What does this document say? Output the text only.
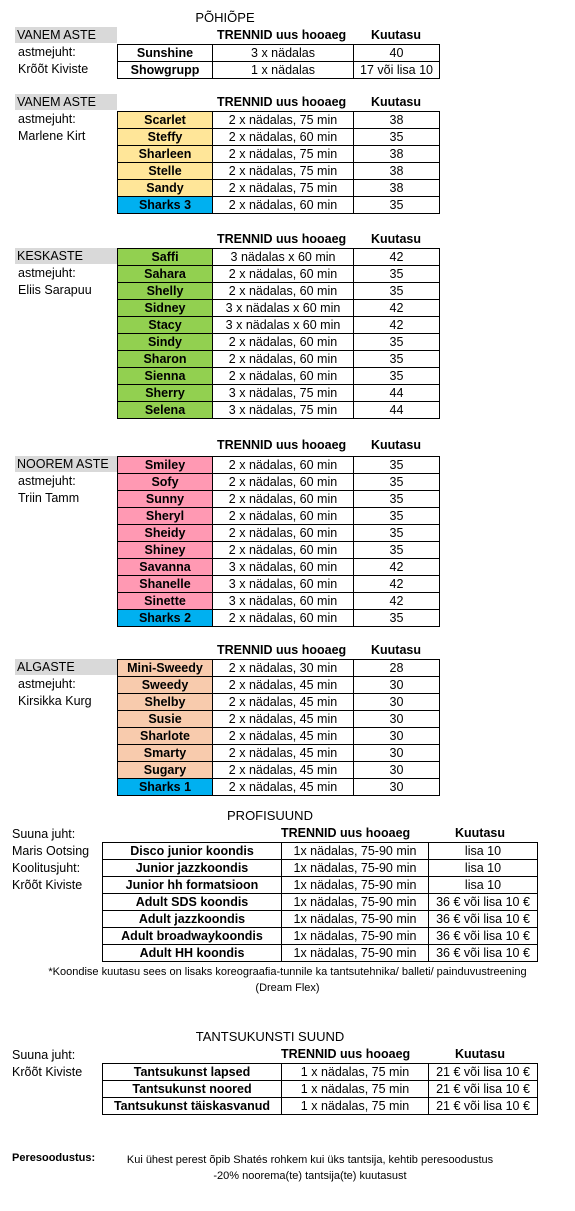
PÕHIÕPE
VANEM ASTE	TRENNID uus hooaeg Kuutasu
astmejuht:
Krõõt Kiviste
Sunshine	3 x nädalas	40
Showgrupp	1 x nädalas	17 või lisa 10
VANEM ASTE	TRENNID uus hooaeg Kuutasu
astmejuht:
Marlene Kirt
Scarlet	2 x nädalas, 75 min	38
Steffy	2 x nädalas, 60 min	35
Sharleen	2 x nädalas, 75 min	38
Stelle	2 x nädalas, 75 min	38
Sandy	2 x nädalas, 75 min	38
Sharks 3	2 x nädalas, 60 min	35
TRENNID uus hooaeg Kuutasu
KESKASTE
astmejuht:
Eliis Sarapuu
Saffi	3 nädalas x 60 min	42
Sahara	2 x nädalas, 60 min	35
Shelly	2 x nädalas, 60 min	35
Sidney	3 x nädalas x 60 min	42
Stacy	3 x nädalas x 60 min	42
Sindy	2 x nädalas, 60 min	35
Sharon	2 x nädalas, 60 min	35
Sienna	2 x nädalas, 60 min	35
Sherry	3 x nädalas, 75 min	44
Selena	3 x nädalas, 75 min	44
TRENNID uus hooaeg Kuutasu
NOOREM ASTE
astmejuht:
Triin Tamm
Smiley	2 x nädalas, 60 min	35
Sofy	2 x nädalas, 60 min	35
Sunny	2 x nädalas, 60 min	35
Sheryl	2 x nädalas, 60 min	35
Sheidy	2 x nädalas, 60 min	35
Shiney	2 x nädalas, 60 min	35
Savanna	3 x nädalas, 60 min	42
Shanelle	3 x nädalas, 60 min	42
Sinette	3 x nädalas, 60 min	42
Sharks 2	2 x nädalas, 60 min	35
TRENNID uus hooaeg Kuutasu
ALGASTE
astmejuht:
Kirsikka Kurg
Mini-Sweedy	2 x nädalas, 30 min	28
Sweedy	2 x nädalas, 45 min	30
Shelby	2 x nädalas, 45 min	30
Susie	2 x nädalas, 45 min	30
Sharlote	2 x nädalas, 45 min	30
Smarty	2 x nädalas, 45 min	30
Sugary	2 x nädalas, 45 min	30
Sharks 1	2 x nädalas, 45 min	30
PROFISUUND
Suuna juht:
Maris Ootsing
Koolitusjuht:
Krõõt Kiviste
TRENNID uus hooaeg	Kuutasu
Disco junior koondis	1x nädalas, 75-90 min	lisa 10
Junior jazzkoondis	1x nädalas, 75-90 min	lisa 10
Junior hh formatsioon	1x nädalas, 75-90 min	lisa 10
Adult SDS koondis	1x nädalas, 75-90 min	36 € või lisa 10 €
Adult jazzkoondis	1x nädalas, 75-90 min	36 € või lisa 10 €
Adult broadwaykoondis	1x nädalas, 75-90 min	36 € või lisa 10 €
Adult HH koondis	1x nädalas, 75-90 min	36 € või lisa 10 €
*Koondise kuutasu sees on lisaks koreograafia-tunnile ka tantsutehnika/ balleti/ painduvustreening
(Dream Flex)
TANTSUKUNSTI SUUND
Suuna juht:
Krõõt Kiviste
TRENNID uus hooaeg	Kuutasu
Tantsukunst lapsed	1 x nädalas, 75 min	21 € või lisa 10 €
Tantsukunst noored	1 x nädalas, 75 min	21 € või lisa 10 €
Tantsukunst täiskasvanud	1 x nädalas, 75 min	21 € või lisa 10 €
Peresoodustus:	Kui ühest perest õpib Shatés rohkem kui üks tantsija, kehtib peresoodustus
-20% noorema(te) tantsija(te) kuutasust
